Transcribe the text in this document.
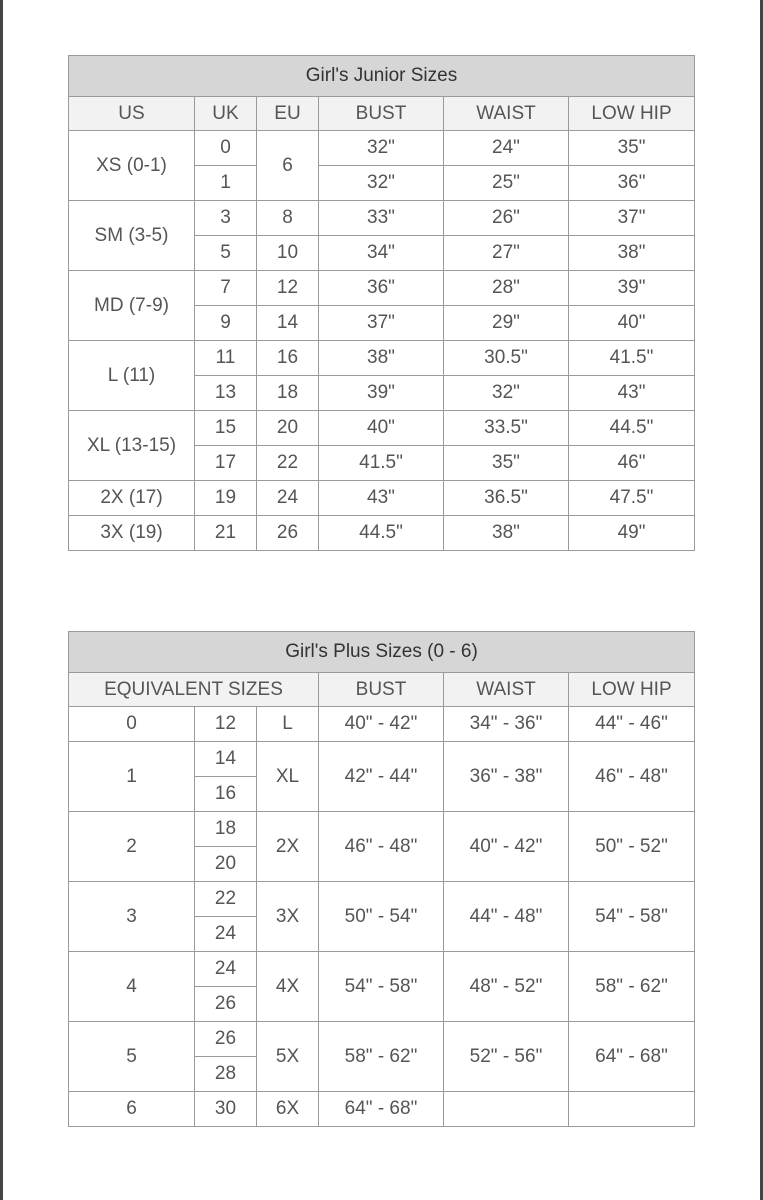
Girl's Junior Sizes					
US	UK	EU	BUST	WAIST	LOW HIP
XS (0-1)	0	6	32"	24"	35"
	1		32"	25"	36"
SM (3-5)	3	8	33"	26"	37"
	5	10	34"	27"	38"
MD (7-9)	7	12	36"	28"	39"
	9	14	37"	29"	40"
L (11)	11	16	38"	30.5"	41.5"
	13	18	39"	32"	43"
XL (13-15)	15	20	40"	33.5"	44.5"
	17	22	41.5"	35"	46"
2X (17)	19	24	43"	36.5"	47.5"
3X (19)	21	26	44.5"	38"	49"
Girl's Plus Sizes (0 - 6)					
EQUIVALENT SIZES			BUST	WAIST	LOW HIP
0	12	L	40" - 42"	34" - 36"	44" - 46"
1	14	XL	42" - 44"	36" - 38"	46" - 48"
	16				
2	18	2X	46" - 48"	40" - 42"	50" - 52"
	20				
3	22	3X	50" - 54"	44" - 48"	54" - 58"
	24				
4	24	4X	54" - 58"	48" - 52"	58" - 62"
	26				
5	26	5X	58" - 62"	52" - 56"	64" - 68"
	28				
6	30	6X	64" - 68"		
